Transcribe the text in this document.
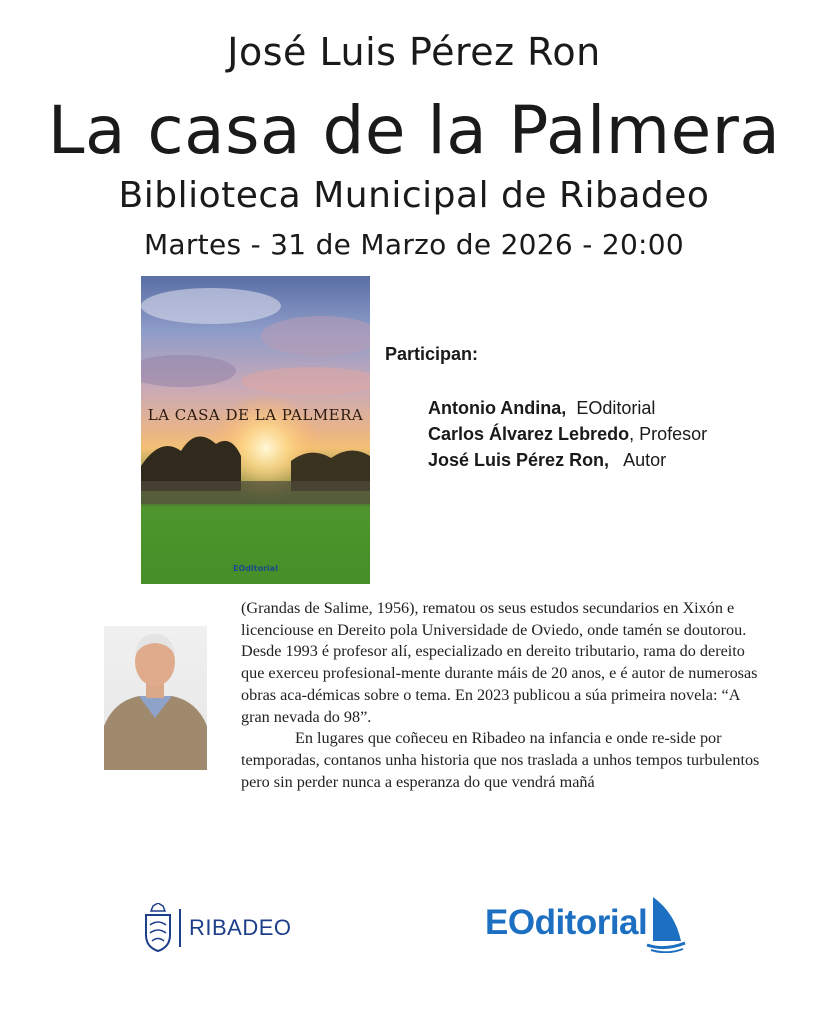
José Luis Pérez Ron
La casa de la Palmera
Biblioteca Municipal de Ribadeo
Martes - 31 de Marzo de 2026 - 20:00
LA CASA DE LA PALMERA
EOditorial
Participan:
Antonio Andina, EOditorial
Carlos Álvarez Lebredo, Profesor
José Luis Pérez Ron, Autor

(Grandas de Salime, 1956), rematou os seus estudos secundarios en Xixón e licenciouse en Dereito pola Universidade de Oviedo, onde tamén se doutorou. Desde 1993 é profesor alí, especializado en dereito tributario, rama do dereito que exerceu profesional-mente durante máis de 20 anos, e é autor de numerosas obras aca-démicas sobre o tema. En 2023 publicou a súa primeira novela: “A gran nevada do 98”.

En lugares que coñeceu en Ribadeo na infancia e onde re-side por temporadas, contanos unha historia que nos traslada a unhos tempos turbulentos pero sin perder nunca a esperanza do que vendrá mañá

RIBADEO	EOditorial
